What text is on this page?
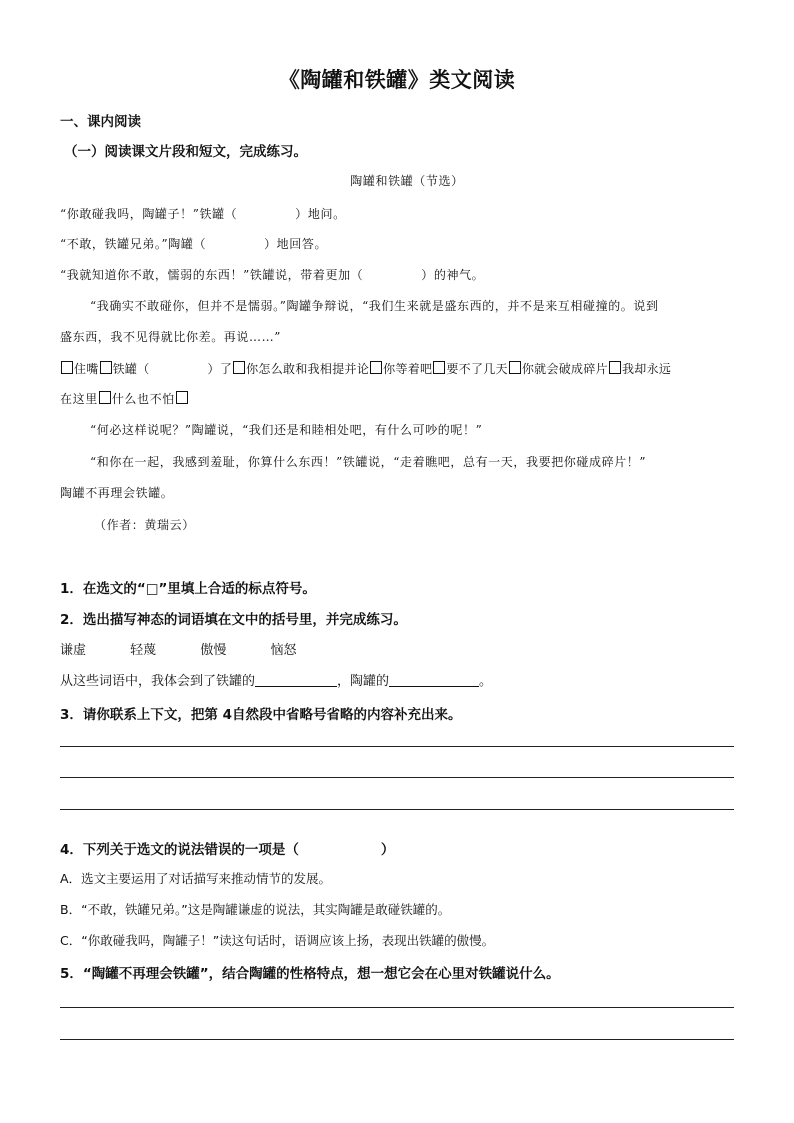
《陶罐和铁罐》类文阅读
一、课内阅读
（一）阅读课文片段和短文，完成练习。
陶罐和铁罐（节选）
“你敢碰我吗，陶罐子！”铁罐（	）地问。
“不敢，铁罐兄弟。”陶罐（	）地回答。
“我就知道你不敢，懦弱的东西！”铁罐说，带着更加（	）的神气。
“我确实不敢碰你，但并不是懦弱。”陶罐争辩说，“我们生来就是盛东西的，并不是来互相碰撞的。说到
盛东西，我不见得就比你差。再说……”
住嘴 铁罐（	）了 你怎么敢和我相提并论 你等着吧 要不了几天 你就会破成碎片 我却永远
在这里 什么也不怕
“何必这样说呢？”陶罐说，“我们还是和睦相处吧，有什么可吵的呢！”
“和你在一起，我感到羞耻，你算什么东西！”铁罐说，“走着瞧吧，总有一天，我要把你碰成碎片！”
陶罐不再理会铁罐。
（作者：黄瑞云）
1．在选文的“□”里填上合适的标点符号。
2．选出描写神态的词语填在文中的括号里，并完成练习。
谦虚	轻蔑	傲慢	恼怒
从这些词语中，我体会到了铁罐的	，陶罐的	。
3．请你联系上下文，把第 4自然段中省略号省略的内容补充出来。
4．下列关于选文的说法错误的一项是（	）
A．选文主要运用了对话描写来推动情节的发展。
B．“不敢，铁罐兄弟。”这是陶罐谦虚的说法，其实陶罐是敢碰铁罐的。
C．“你敢碰我吗，陶罐子！”读这句话时，语调应该上扬，表现出铁罐的傲慢。
5．“陶罐不再理会铁罐”，结合陶罐的性格特点，想一想它会在心里对铁罐说什么。
